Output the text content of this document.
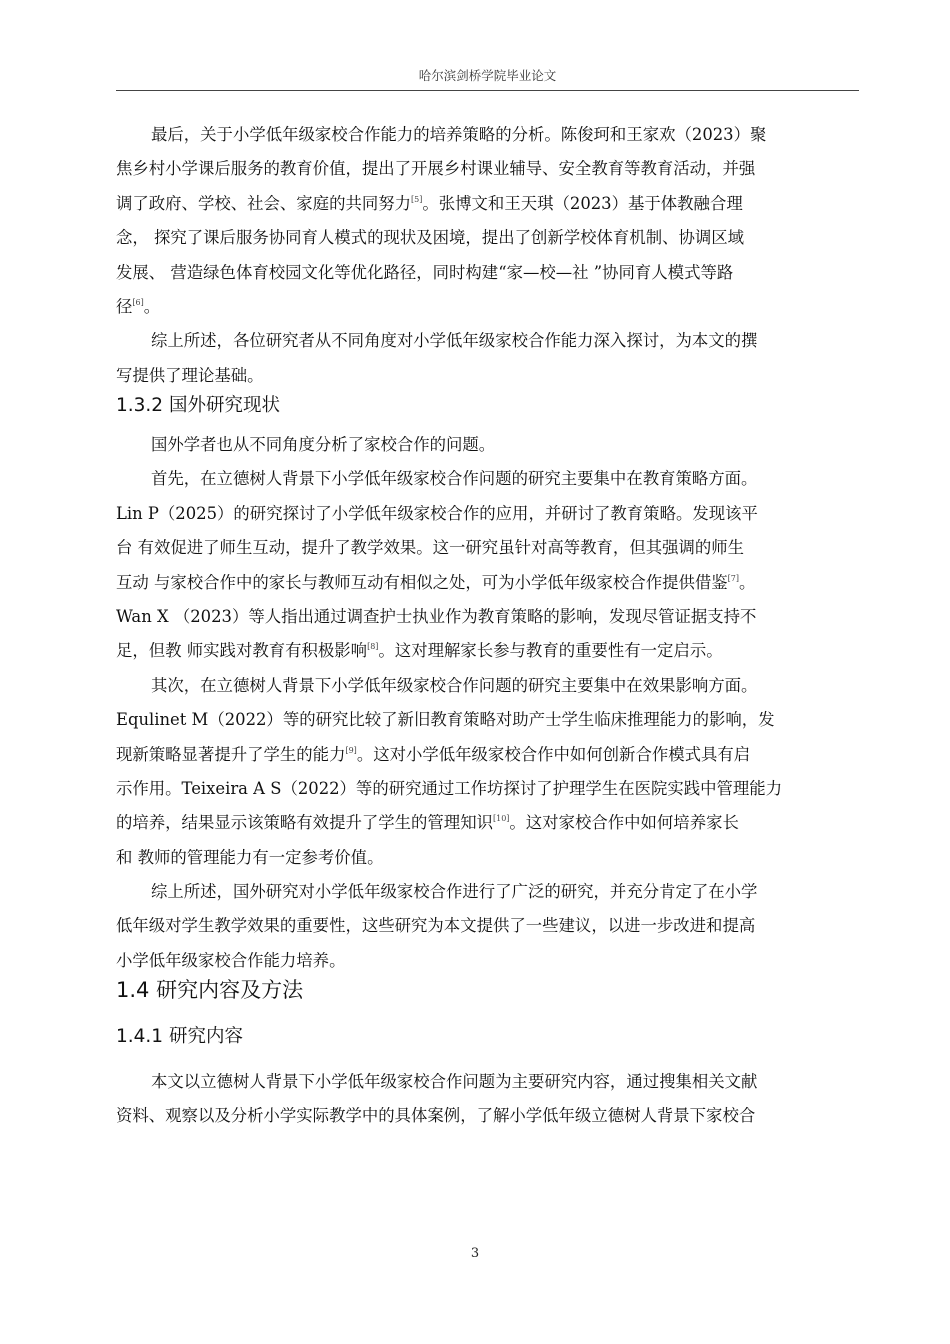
哈尔滨剑桥学院毕业论文
最后，关于小学低年级家校合作能力的培养策略的分析。陈俊珂和王家欢（2023）聚
焦乡村小学课后服务的教育价值，提出了开展乡村课业辅导、安全教育等教育活动，并强
调了政府、学校、社会、家庭的共同努力[5]。张博文和王天琪（2023）基于体教融合理
念， 探究了课后服务协同育人模式的现状及困境，提出了创新学校体育机制、协调区域
发展、 营造绿色体育校园文化等优化路径，同时构建“家—校—社 ”协同育人模式等路
径[6]。
综上所述，各位研究者从不同角度对小学低年级家校合作能力深入探讨，为本文的撰
写提供了理论基础。
1.3.2 国外研究现状
国外学者也从不同角度分析了家校合作的问题。
首先，在立德树人背景下小学低年级家校合作问题的研究主要集中在教育策略方面。
Lin P（2025）的研究探讨了小学低年级家校合作的应用，并研讨了教育策略。发现该平
台 有效促进了师生互动，提升了教学效果。这一研究虽针对高等教育，但其强调的师生
互动 与家校合作中的家长与教师互动有相似之处，可为小学低年级家校合作提供借鉴[7]。
Wan X （2023）等人指出通过调查护士执业作为教育策略的影响，发现尽管证据支持不
足，但教 师实践对教育有积极影响[8]。这对理解家长参与教育的重要性有一定启示。
其次，在立德树人背景下小学低年级家校合作问题的研究主要集中在效果影响方面。
Equlinet M（2022）等的研究比较了新旧教育策略对助产士学生临床推理能力的影响，发
现新策略显著提升了学生的能力[9]。这对小学低年级家校合作中如何创新合作模式具有启
示作用。Teixeira A S（2022）等的研究通过工作坊探讨了护理学生在医院实践中管理能力
的培养，结果显示该策略有效提升了学生的管理知识[10]。这对家校合作中如何培养家长
和 教师的管理能力有一定参考价值。
综上所述，国外研究对小学低年级家校合作进行了广泛的研究，并充分肯定了在小学
低年级对学生教学效果的重要性，这些研究为本文提供了一些建议，以进一步改进和提高
小学低年级家校合作能力培养。
1.4 研究内容及方法
1.4.1 研究内容
本文以立德树人背景下小学低年级家校合作问题为主要研究内容，通过搜集相关文献
资料、观察以及分析小学实际教学中的具体案例，了解小学低年级立德树人背景下家校合
3
